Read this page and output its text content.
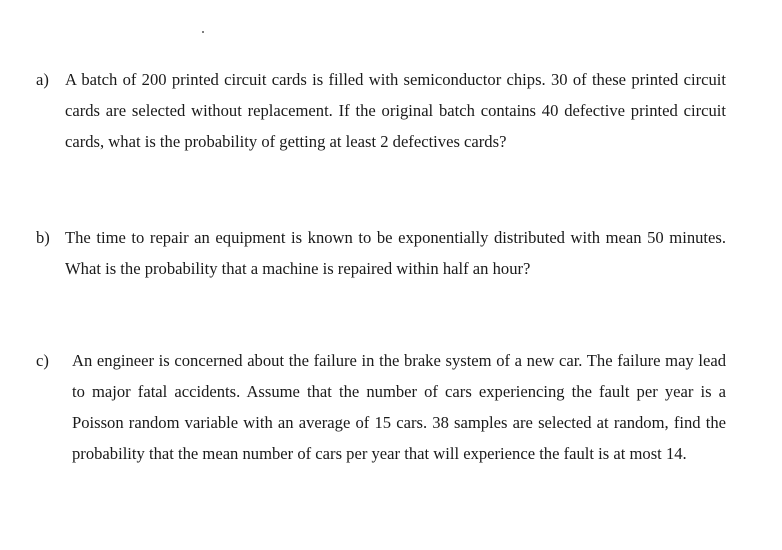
a) A batch of 200 printed circuit cards is filled with semiconductor chips. 30 of these printed circuit cards are selected without replacement. If the original batch contains 40 defective printed circuit cards, what is the probability of getting at least 2 defectives cards?
b) The time to repair an equipment is known to be exponentially distributed with mean 50 minutes. What is the probability that a machine is repaired within half an hour?
c) An engineer is concerned about the failure in the brake system of a new car. The failure may lead to major fatal accidents. Assume that the number of cars experiencing the fault per year is a Poisson random variable with an average of 15 cars. 38 samples are selected at random, find the probability that the mean number of cars per year that will experience the fault is at most 14.
